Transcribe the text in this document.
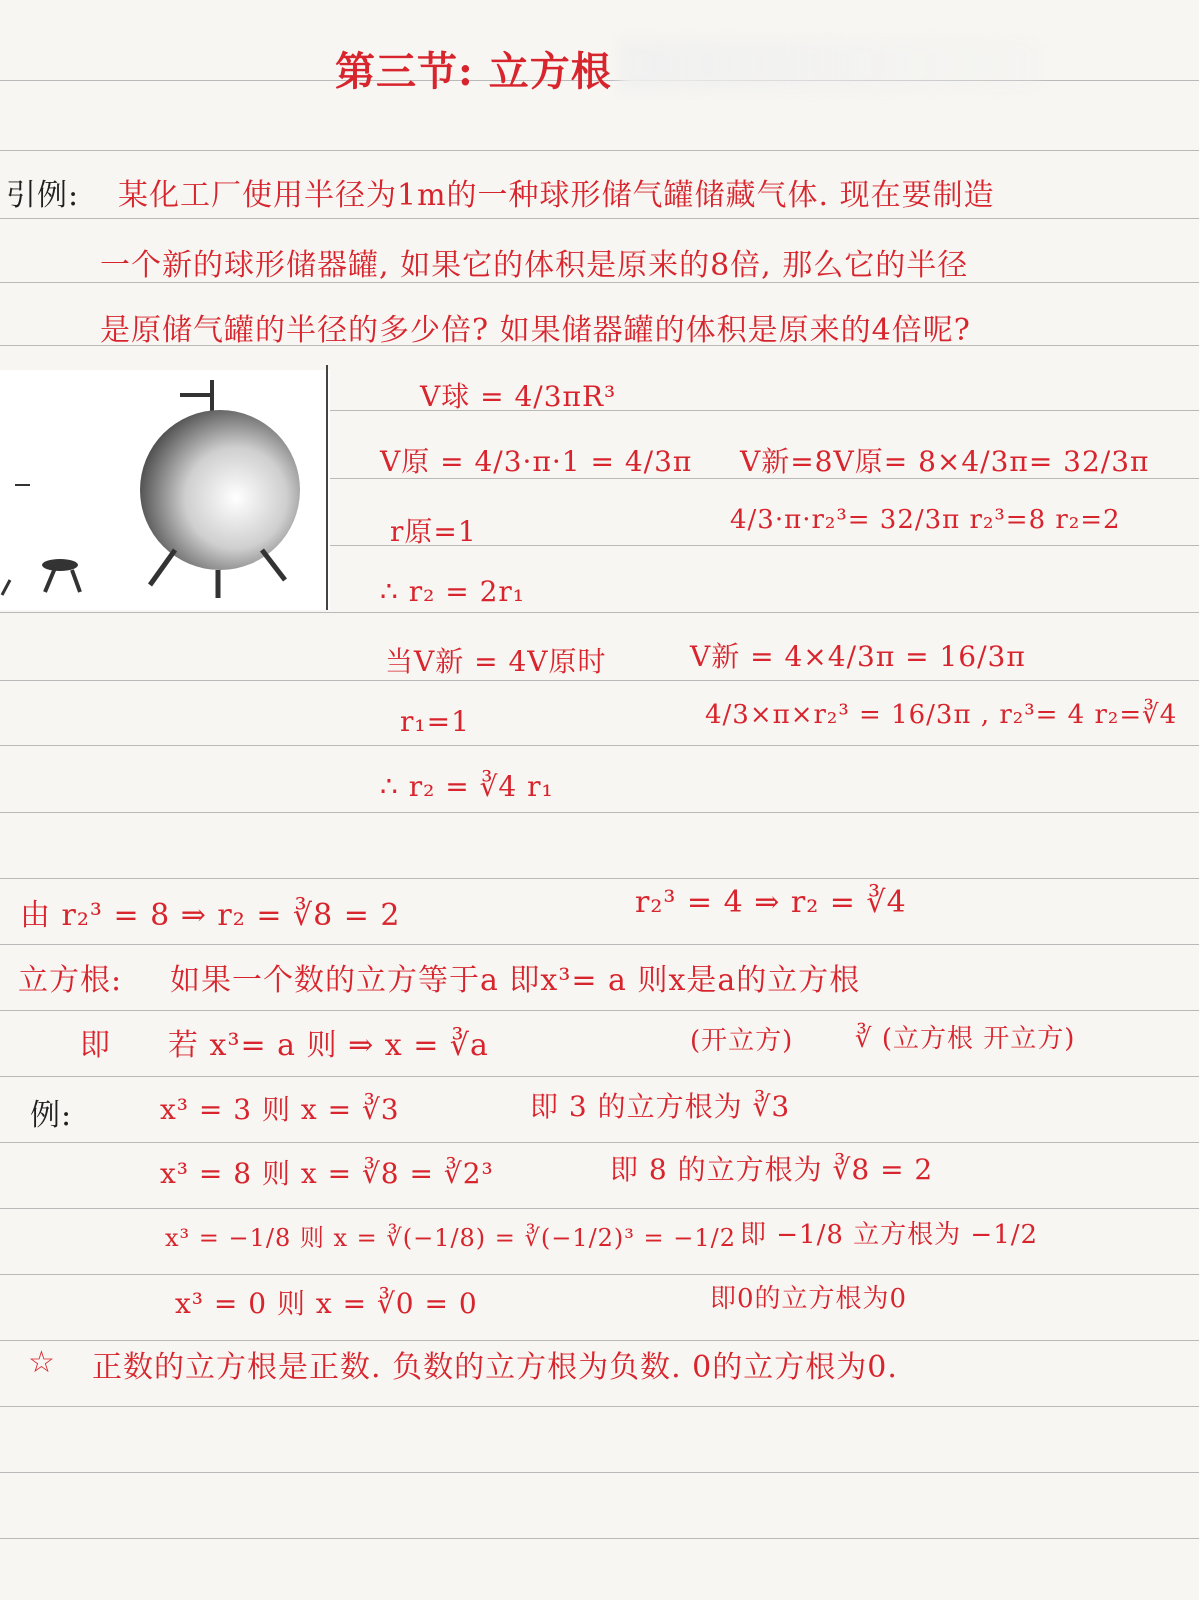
第三节: 立方根
引例: 某化工厂使用半径为1m的一种球形储气罐储藏气体. 现在要制造
一个新的球形储器罐, 如果它的体积是原来的8倍, 那么它的半径
是原储气罐的半径的多少倍? 如果储器罐的体积是原来的4倍呢?
V球 = 4/3πR³
V原 = 4/3·π·1 = 4/3π V新=8V原= 8×4/3π= 32/3π
r原=1	4/3·π·r₂³= 32/3π r₂³=8 r₂=2
∴ r₂ = 2r₁
当V新 = 4V原时	V新 = 4×4/3π = 16/3π
r₁=1	4/3×π×r₂³ = 16/3π , r₂³= 4 r₂=∛4
∴ r₂ = ∛4 r₁
由 r₂³ = 8 ⇒ r₂ = ∛8 = 2	r₂³ = 4 ⇒ r₂ = ∛4
立方根: 如果一个数的立方等于a 即x³= a 则x是a的立方根
即 若 x³= a 则 ⇒ x = ∛a	(开立方) ∛ (立方根 开立方)
例:	x³ = 3 则 x = ∛3	即 3 的立方根为 ∛3
x³ = 8 则 x = ∛8 = ∛2³	即 8 的立方根为 ∛8 = 2
x³ = −1/8 则 x = ∛(−1/8) = ∛(−1/2)³ = −1/2 即 −1/8 立方根为 −1/2
x³ = 0 则 x = ∛0 = 0	即0的立方根为0
☆ 正数的立方根是正数. 负数的立方根为负数. 0的立方根为0.
